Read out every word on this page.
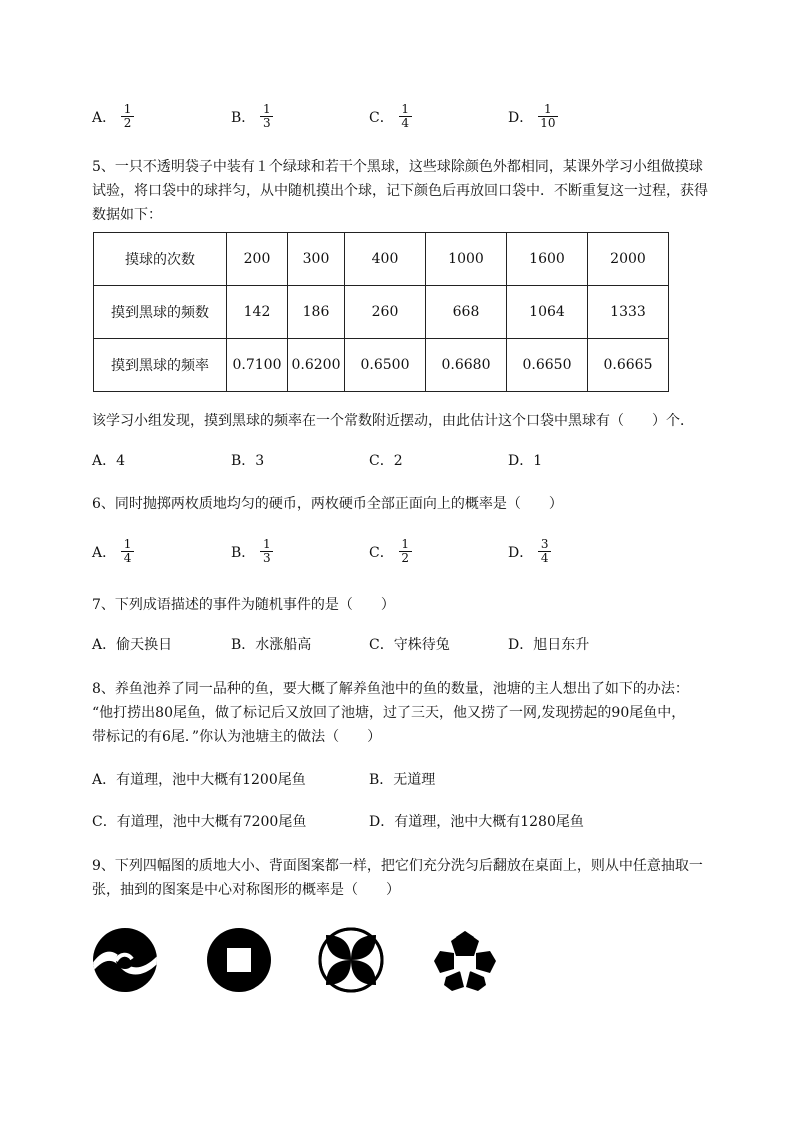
A． $\frac{1}{2}$	B． $\frac{1}{3}$	C． $\frac{1}{4}$	D． $\frac{1}{10}$
5、一只不透明袋子中装有１个绿球和若干个黑球，这些球除颜色外都相同，某课外学习小组做摸球
试验，将口袋中的球拌匀，从中随机摸出个球，记下颜色后再放回口袋中．不断重复这一过程，获得
数据如下：
摸球的次数	200	300	400	1000	1600	2000
摸到黑球的频数	142	186	260	668	1064	1333
摸到黑球的频率	0.7100	0.6200	0.6500	0.6680	0.6650	0.6665
该学习小组发现，摸到黑球的频率在一个常数附近摆动，由此估计这个口袋中黑球有（　　）个．
A．4	B．3	C．2	D．1
6、同时抛掷两枚质地均匀的硬币，两枚硬币全部正面向上的概率是（　　）
A． $\frac{1}{4}$	B． $\frac{1}{3}$	C． $\frac{1}{2}$	D． $\frac{3}{4}$
7、下列成语描述的事件为随机事件的是（　　）
A．偷天换日	B．水涨船高	C．守株待兔	D．旭日东升
8、养鱼池养了同一品种的鱼，要大概了解养鱼池中的鱼的数量，池塘的主人想出了如下的办法：
“他打捞出80尾鱼，做了标记后又放回了池塘，过了三天，他又捞了一网,发现捞起的90尾鱼中，
带标记的有6尾．”你认为池塘主的做法（　　）
A．有道理，池中大概有1200尾鱼	B．无道理
C．有道理，池中大概有7200尾鱼	D．有道理，池中大概有1280尾鱼
9、下列四幅图的质地大小、背面图案都一样，把它们充分洗匀后翻放在桌面上，则从中任意抽取一
张，抽到的图案是中心对称图形的概率是（　　）
